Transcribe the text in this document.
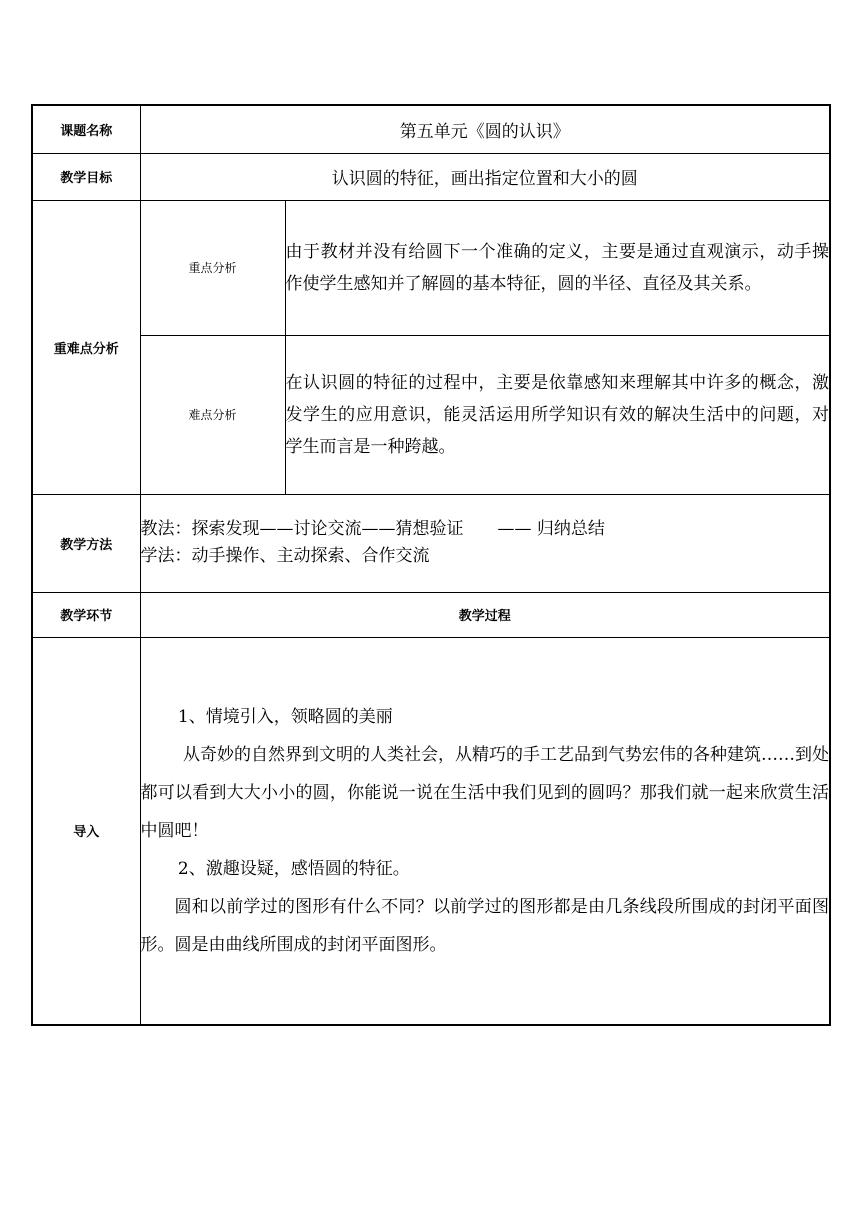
课题名称	第五单元《圆的认识》	
教学目标	认识圆的特征，画出指定位置和大小的圆	
重难点分析	重点分析	由于教材并没有给圆下一个准确的定义，主要是通过直观演示，动手操作使学生感知并了解圆的基本特征，圆的半径、直径及其关系。
	难点分析	在认识圆的特征的过程中，主要是依靠感知来理解其中许多的概念，激发学生的应用意识，能灵活运用所学知识有效的解决生活中的问题，对学生而言是一种跨越。
教学方法	教法：探索发现——讨论交流——猜想验证　　—— 归纳总结
学法：动手操作、主动探索、合作交流	

教学环节	教学过程	
导入	1、情境引入，领略圆的美丽

从奇妙的自然界到文明的人类社会，从精巧的手工艺品到气势宏伟的各种建筑……到处都可以看到大大小小的圆，你能说一说在生活中我们见到的圆吗？那我们就一起来欣赏生活中圆吧！

2、激趣设疑，感悟圆的特征。

圆和以前学过的图形有什么不同？以前学过的图形都是由几条线段所围成的封闭平面图形。圆是由曲线所围成的封闭平面图形。	
